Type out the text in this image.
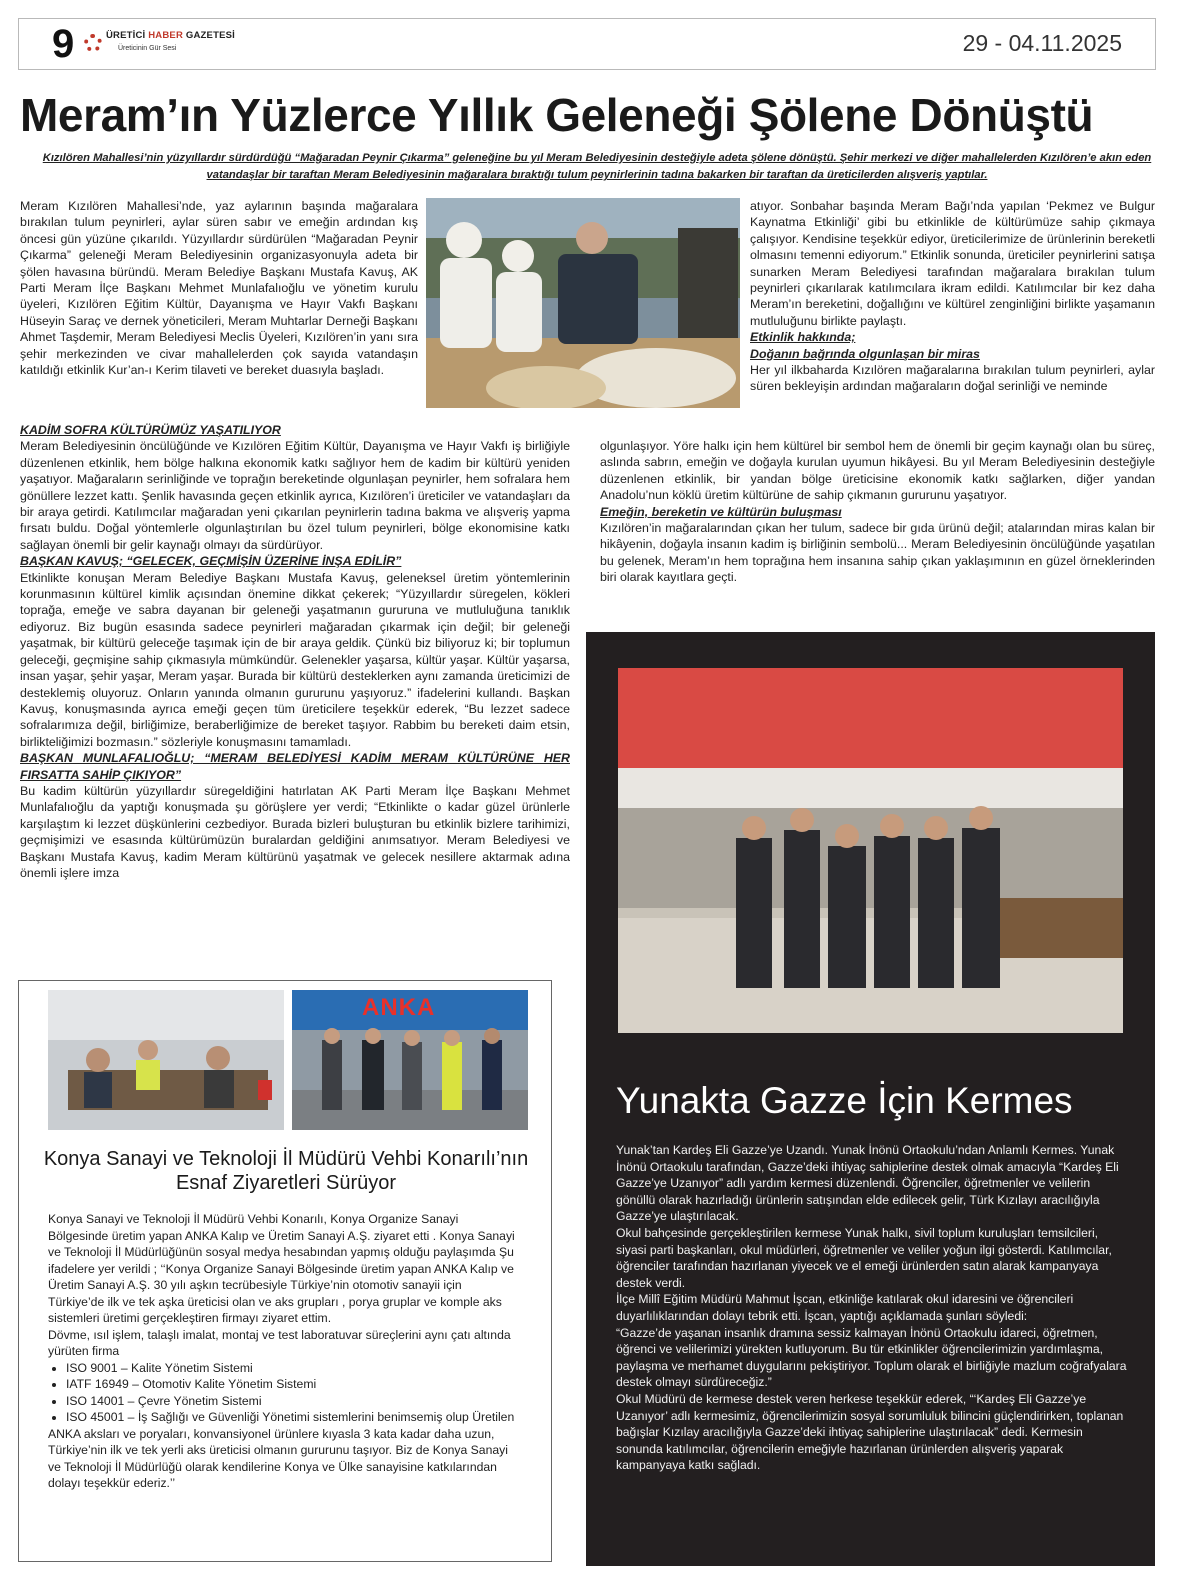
9	ÜRETİCİ HABER GAZETESİ
Üreticinin Gür Sesi	29 - 04.11.2025
Meram’ın Yüzlerce Yıllık Geleneği Şölene Dönüştü
Kızılören Mahallesi’nin yüzyıllardır sürdürdüğü “Mağaradan Peynir Çıkarma” geleneğine bu yıl Meram Belediyesinin desteğiyle adeta şölene dönüştü. Şehir merkezi ve diğer mahallelerden Kızılören’e akın eden vatandaşlar bir taraftan Meram Belediyesinin mağaralara bıraktığı tulum peynirlerinin tadına bakarken bir taraftan da üreticilerden alışveriş yaptılar.

Meram Kızılören Mahallesi’nde, yaz aylarının başında mağaralara bırakılan tulum peynirleri, aylar süren sabır ve emeğin ardından kış öncesi gün yüzüne çıkarıldı. Yüzyıllardır sürdürülen “Mağaradan Peynir Çıkarma” geleneği Meram Belediyesinin organizasyonuyla adeta bir şölen havasına büründü. Meram Belediye Başkanı Mustafa Kavuş, AK Parti Meram İlçe Başkanı Mehmet Munlafalıoğlu ve yönetim kurulu üyeleri, Kızılören Eğitim Kültür, Dayanışma ve Hayır Vakfı Başkanı Hüseyin Saraç ve dernek yöneticileri, Meram Muhtarlar Derneği Başkanı Ahmet Taşdemir, Meram Belediyesi Meclis Üyeleri, Kızılören’in yanı sıra şehir merkezinden ve civar mahallelerden çok sayıda vatandaşın katıldığı etkinlik Kur’an-ı Kerim tilaveti ve bereket duasıyla başladı.

KADİM SOFRA KÜLTÜRÜMÜZ YAŞATILIYOR

Meram Belediyesinin öncülüğünde ve Kızılören Eğitim Kültür, Dayanışma ve Hayır Vakfı iş birliğiyle düzenlenen etkinlik, hem bölge halkına ekonomik katkı sağlıyor hem de kadim bir kültürü yeniden yaşatıyor. Mağaraların serinliğinde ve toprağın bereketinde olgunlaşan peynirler, hem sofralara hem gönüllere lezzet kattı. Şenlik havasında geçen etkinlik ayrıca, Kızılören’i üreticiler ve vatandaşları da bir araya getirdi. Katılımcılar mağaradan yeni çıkarılan peynirlerin tadına bakma ve alışveriş yapma fırsatı buldu. Doğal yöntemlerle olgunlaştırılan bu özel tulum peynirleri, bölge ekonomisine katkı sağlayan önemli bir gelir kaynağı olmayı da sürdürüyor.

BAŞKAN KAVUŞ; “GELECEK, GEÇMİŞİN ÜZERİNE İNŞA EDİLİR”

Etkinlikte konuşan Meram Belediye Başkanı Mustafa Kavuş, geleneksel üretim yöntemlerinin korunmasının kültürel kimlik açısından önemine dikkat çekerek; “Yüzyıllardır süregelen, kökleri toprağa, emeğe ve sabra dayanan bir geleneği yaşatmanın gururuna ve mutluluğuna tanıklık ediyoruz. Biz bugün esasında sadece peynirleri mağaradan çıkarmak için değil; bir geleneği yaşatmak, bir kültürü geleceğe taşımak için de bir araya geldik. Çünkü biz biliyoruz ki; bir toplumun geleceği, geçmişine sahip çıkmasıyla mümkündür. Gelenekler yaşarsa, kültür yaşar. Kültür yaşarsa, insan yaşar, şehir yaşar, Meram yaşar. Burada bir kültürü desteklerken aynı zamanda üreticimizi de desteklemiş oluyoruz. Onların yanında olmanın gururunu yaşıyoruz.” ifadelerini kullandı. Başkan Kavuş, konuşmasında ayrıca emeği geçen tüm üreticilere teşekkür ederek, “Bu lezzet sadece sofralarımıza değil, birliğimize, beraberliğimize de bereket taşıyor. Rabbim bu bereketi daim etsin, birlikteliğimizi bozmasın.” sözleriyle konuşmasını tamamladı.

BAŞKAN MUNLAFALIOĞLU; “MERAM BELEDİYESİ KADİM MERAM KÜLTÜRÜNE HER FIRSATTA SAHİP ÇIKIYOR”

Bu kadim kültürün yüzyıllardır süregeldiğini hatırlatan AK Parti Meram İlçe Başkanı Mehmet Munlafalıoğlu da yaptığı konuşmada şu görüşlere yer verdi; “Etkinlikte o kadar güzel ürünlerle karşılaştım ki lezzet düşkünlerini cezbediyor. Burada bizleri buluşturan bu etkinlik bizlere tarihimizi, geçmişimizi ve esasında kültürümüzün buralardan geldiğini anımsatıyor. Meram Belediyesi ve Başkanı Mustafa Kavuş, kadim Meram kültürünü yaşatmak ve gelecek nesillere aktarmak adına önemli işlere imza

atıyor. Sonbahar başında Meram Bağı’nda yapılan ‘Pekmez ve Bulgur Kaynatma Etkinliği’ gibi bu etkinlikle de kültürümüze sahip çıkmaya çalışıyor. Kendisine teşekkür ediyor, üreticilerimize de ürünlerinin bereketli olmasını temenni ediyorum.” Etkinlik sonunda, üreticiler peynirlerini satışa sunarken Meram Belediyesi tarafından mağaralara bırakılan tulum peynirleri çıkarılarak katılımcılara ikram edildi. Katılımcılar bir kez daha Meram’ın bereketini, doğallığını ve kültürel zenginliğini birlikte yaşamanın mutluluğunu birlikte paylaştı.

Etkinlik hakkında;
Doğanın bağrında olgunlaşan bir miras

Her yıl ilkbaharda Kızılören mağaralarına bırakılan tulum peynirleri, aylar süren bekleyişin ardından mağaraların doğal serinliği ve neminde

olgunlaşıyor. Yöre halkı için hem kültürel bir sembol hem de önemli bir geçim kaynağı olan bu süreç, aslında sabrın, emeğin ve doğayla kurulan uyumun hikâyesi. Bu yıl Meram Belediyesinin desteğiyle düzenlenen etkinlik, bir yandan bölge üreticisine ekonomik katkı sağlarken, diğer yandan Anadolu’nun köklü üretim kültürüne de sahip çıkmanın gururunu yaşatıyor.

Emeğin, bereketin ve kültürün buluşması

Kızılören’in mağaralarından çıkan her tulum, sadece bir gıda ürünü değil; atalarından miras kalan bir hikâyenin, doğayla insanın kadim iş birliğinin sembolü... Meram Belediyesinin öncülüğünde yaşatılan bu gelenek, Meram’ın hem toprağına hem insanına sahip çıkan yaklaşımının en güzel örneklerinden biri olarak kayıtlara geçti.

ANKA
Konya Sanayi ve Teknoloji İl Müdürü Vehbi Konarılı’nın Esnaf Ziyaretleri Sürüyor

Konya Sanayi ve Teknoloji İl Müdürü Vehbi Konarılı, Konya Organize Sanayi Bölgesinde üretim yapan ANKA Kalıp ve Üretim Sanayi A.Ş. ziyaret etti . Konya Sanayi ve Teknoloji İl Müdürlüğünün sosyal medya hesabından yapmış olduğu paylaşımda Şu ifadelere yer verildi ; ‘‘Konya Organize Sanayi Bölgesinde üretim yapan ANKA Kalıp ve Üretim Sanayi A.Ş. 30 yılı aşkın tecrübesiyle Türkiye’nin otomotiv sanayii için Türkiye’de ilk ve tek aşka üreticisi olan ve aks grupları , porya gruplar ve komple aks sistemleri üretimi gerçekleştiren firmayı ziyaret ettim.

Dövme, ısıl işlem, talaşlı imalat, montaj ve test laboratuvar süreçlerini aynı çatı altında yürüten firma

• ISO 9001 – Kalite Yönetim Sistemi
• IATF 16949 – Otomotiv Kalite Yönetim Sistemi
• ISO 14001 – Çevre Yönetim Sistemi
• ISO 45001 – İş Sağlığı ve Güvenliği Yönetimi sistemlerini benimsemiş olup Üretilen

ANKA aksları ve poryaları, konvansiyonel ürünlere kıyasla 3 kata kadar daha uzun, Türkiye’nin ilk ve tek yerli aks üreticisi olmanın gururunu taşıyor. Biz de Konya Sanayi ve Teknoloji İl Müdürlüğü olarak kendilerine Konya ve Ülke sanayisine katkılarından dolayı teşekkür ederiz.’’

Yunakta Gazze İçin Kermes

Yunak’tan Kardeş Eli Gazze’ye Uzandı. Yunak İnönü Ortaokulu’ndan Anlamlı Kermes. Yunak İnönü Ortaokulu tarafından, Gazze’deki ihtiyaç sahiplerine destek olmak amacıyla “Kardeş Eli Gazze’ye Uzanıyor” adlı yardım kermesi düzenlendi. Öğrenciler, öğretmenler ve velilerin gönüllü olarak hazırladığı ürünlerin satışından elde edilecek gelir, Türk Kızılayı aracılığıyla Gazze’ye ulaştırılacak.

Okul bahçesinde gerçekleştirilen kermese Yunak halkı, sivil toplum kuruluşları temsilcileri, siyasi parti başkanları, okul müdürleri, öğretmenler ve veliler yoğun ilgi gösterdi. Katılımcılar, öğrenciler tarafından hazırlanan yiyecek ve el emeği ürünlerden satın alarak kampanyaya destek verdi.

İlçe Millî Eğitim Müdürü Mahmut İşcan, etkinliğe katılarak okul idaresini ve öğrencileri duyarlılıklarından dolayı tebrik etti. İşcan, yaptığı açıklamada şunları söyledi:

“Gazze’de yaşanan insanlık dramına sessiz kalmayan İnönü Ortaokulu idareci, öğretmen, öğrenci ve velilerimizi yürekten kutluyorum. Bu tür etkinlikler öğrencilerimizin yardımlaşma, paylaşma ve merhamet duygularını pekiştiriyor. Toplum olarak el birliğiyle mazlum coğrafyalara destek olmayı sürdüreceğiz.”

Okul Müdürü de kermese destek veren herkese teşekkür ederek, “‘Kardeş Eli Gazze’ye Uzanıyor’ adlı kermesimiz, öğrencilerimizin sosyal sorumluluk bilincini güçlendirirken, toplanan bağışlar Kızılay aracılığıyla Gazze’deki ihtiyaç sahiplerine ulaştırılacak” dedi. Kermesin sonunda katılımcılar, öğrencilerin emeğiyle hazırlanan ürünlerden alışveriş yaparak kampanyaya katkı sağladı.
